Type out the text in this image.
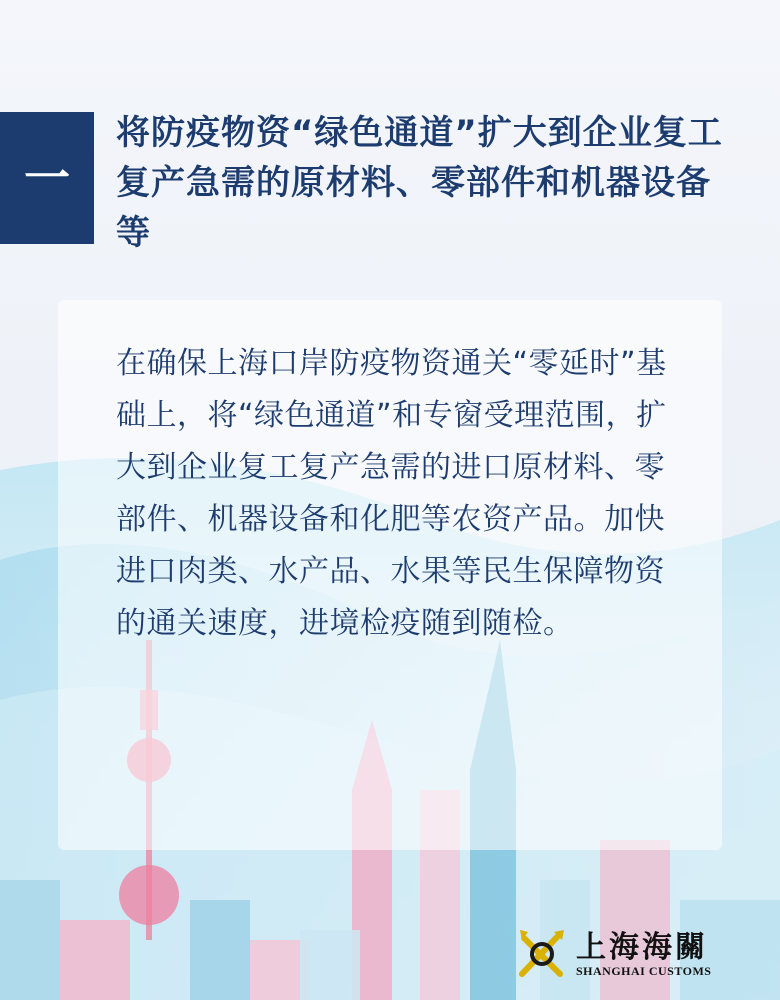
一
将防疫物资“绿色通道”扩大到企业复工复产急需的原材料、零部件和机器设备等
在确保上海口岸防疫物资通关“零延时”基础上，将“绿色通道”和专窗受理范围，扩大到企业复工复产急需的进口原材料、零部件、机器设备和化肥等农资产品。加快进口肉类、水产品、水果等民生保障物资的通关速度，进境检疫随到随检。
上海海關
SHANGHAI CUSTOMS
